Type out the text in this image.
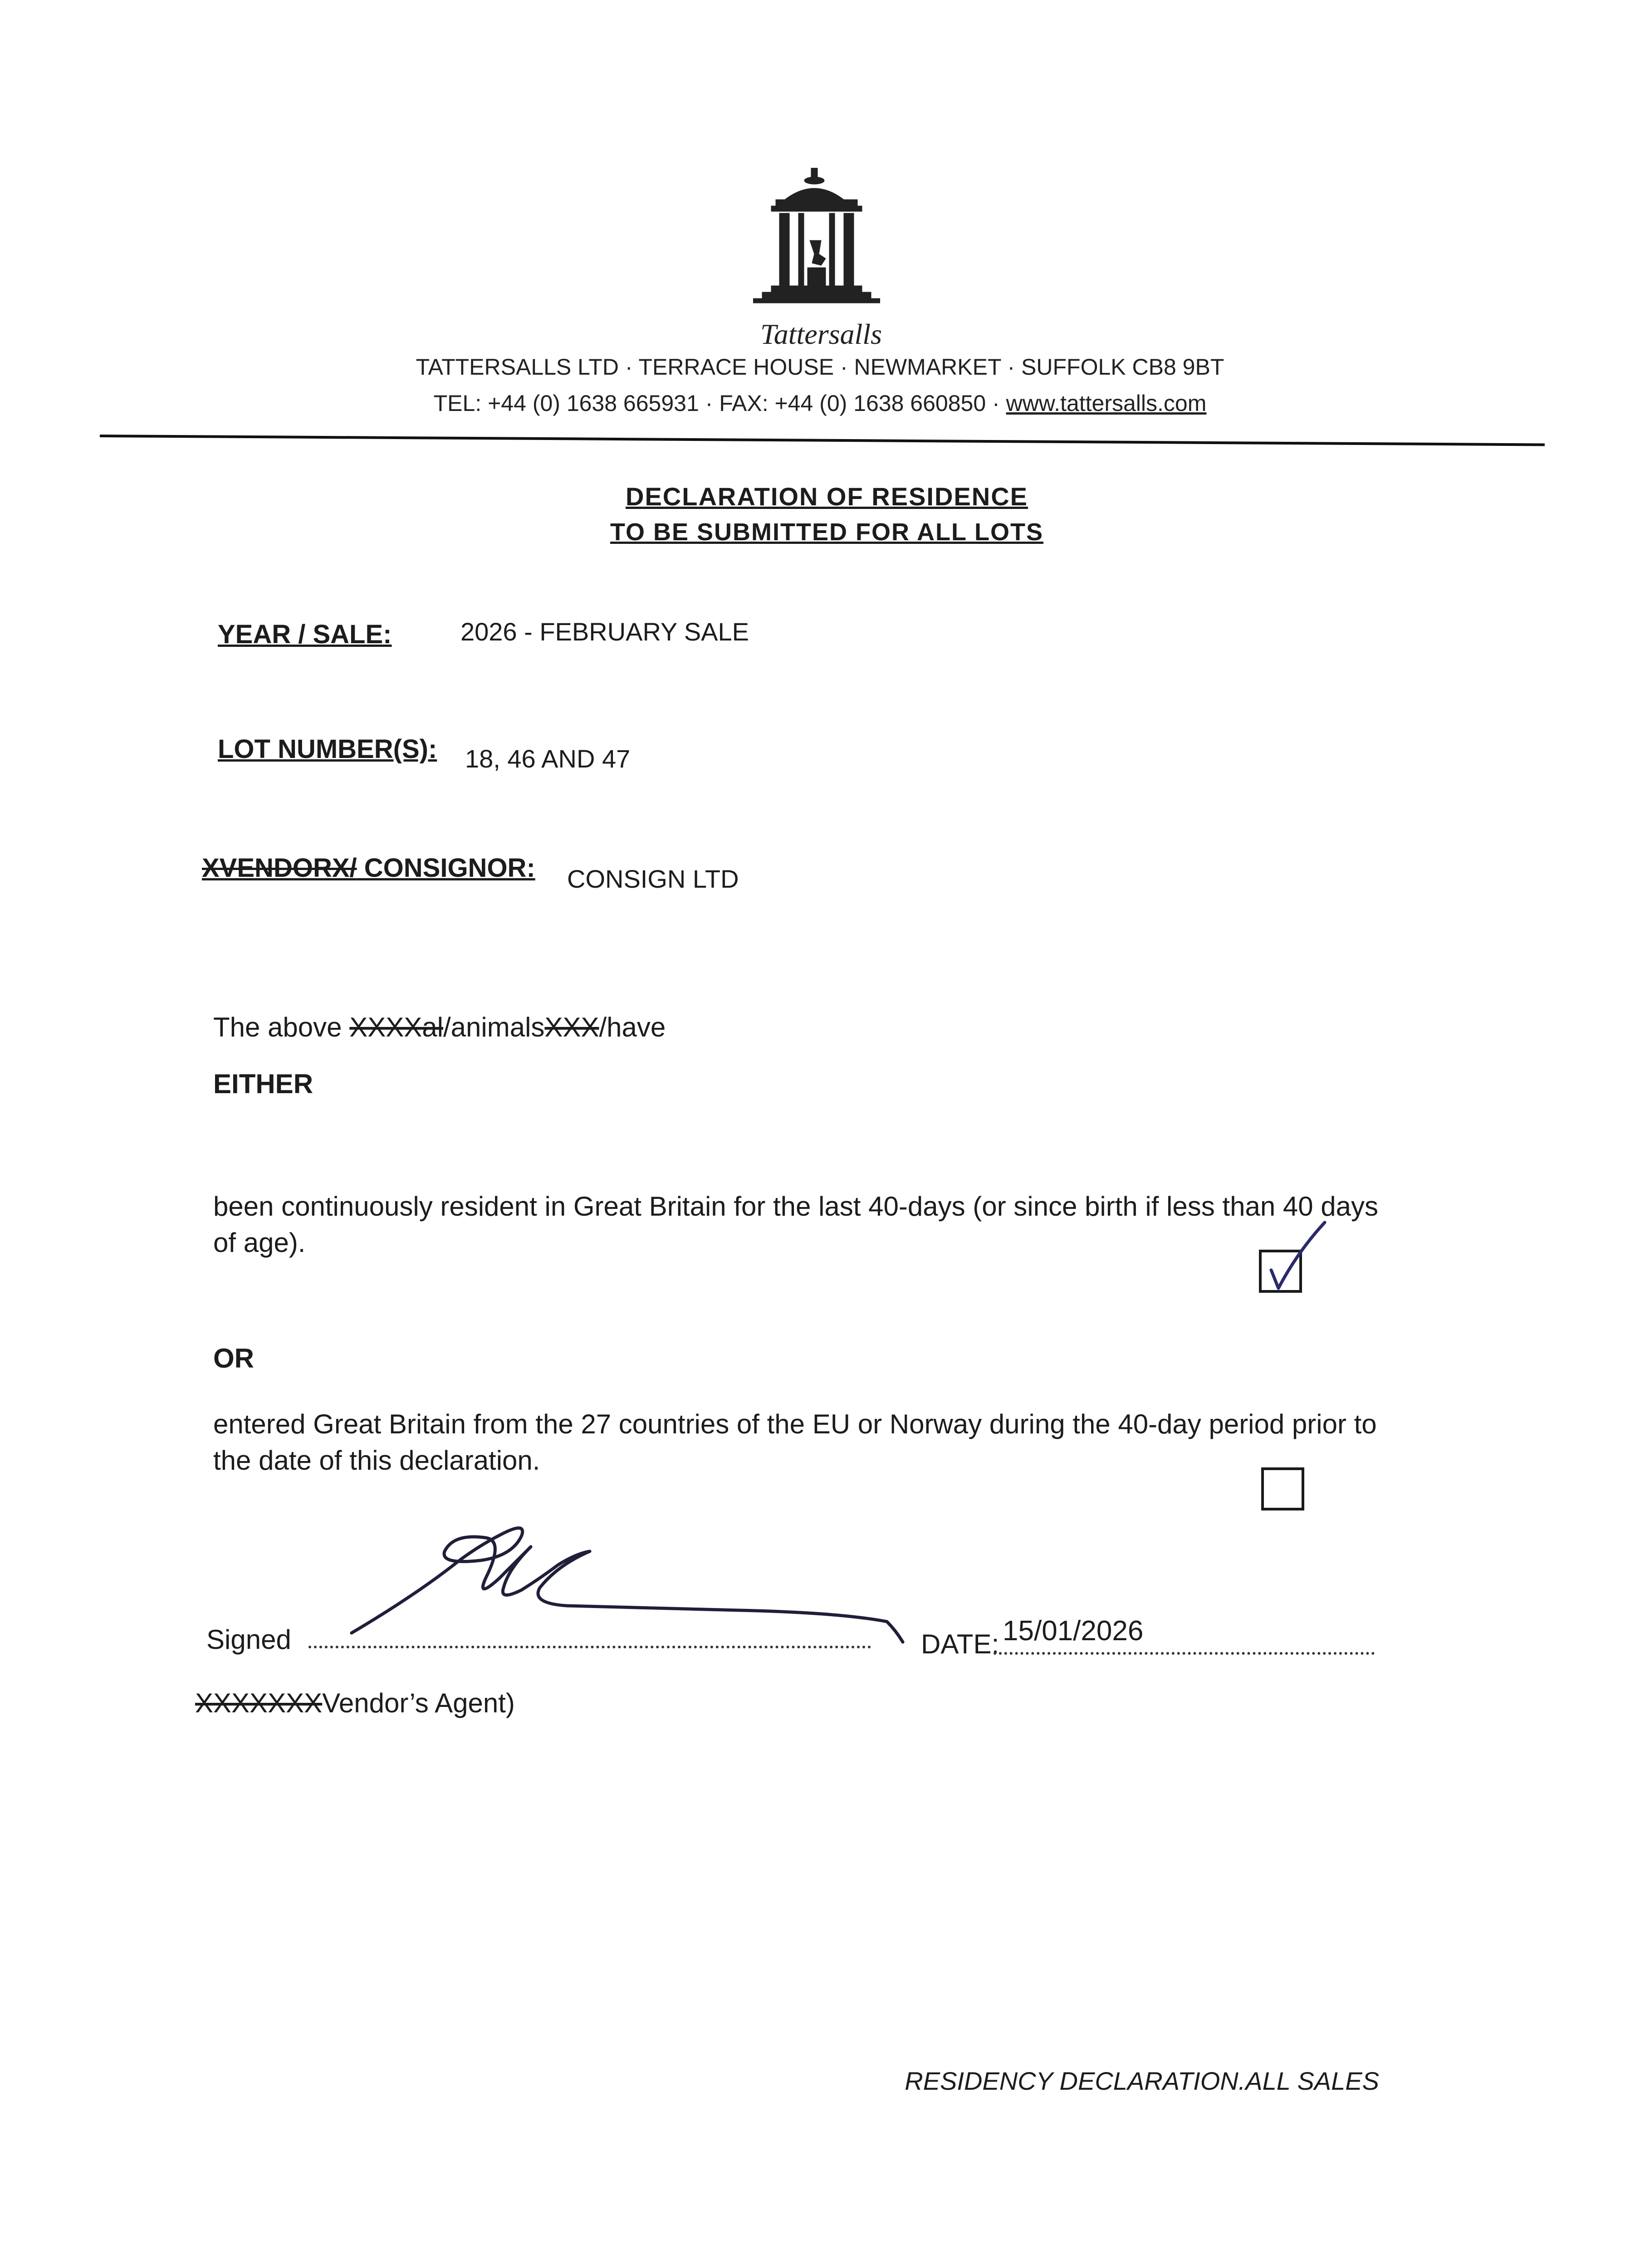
Tattersalls
TATTERSALLS LTD · TERRACE HOUSE · NEWMARKET · SUFFOLK CB8 9BT
TEL: +44 (0) 1638 665931 · FAX: +44 (0) 1638 660850 · www.tattersalls.com
DECLARATION OF RESIDENCE
TO BE SUBMITTED FOR ALL LOTS
YEAR / SALE:	2026 - FEBRUARY SALE
LOT NUMBER(S): 18, 46 AND 47
XVENDORX/ CONSIGNOR: CONSIGN LTD
The above XXXXal/animalsXXX/have
EITHER
been continuously resident in Great Britain for the last 40-days (or since birth if less than 40 days of age).
OR
entered Great Britain from the 27 countries of the EU or Norway during the 40-day period prior to the date of this declaration.
Signed	DATE: 15/01/2026
XXXXXXXVendor’s Agent)
RESIDENCY DECLARATION.ALL SALES
